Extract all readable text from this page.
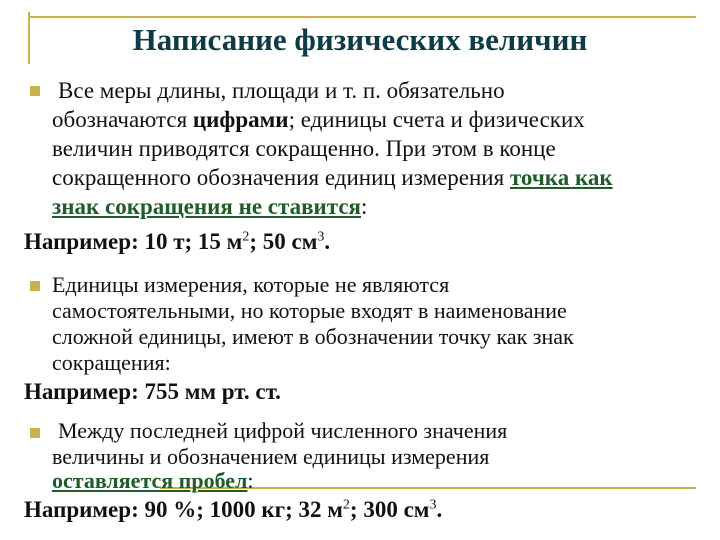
Написание физических величин
Все меры длины, площади и т. п. обязательно
обозначаются цифрами; единицы счета и физических
величин приводятся сокращенно. При этом в конце
сокращенного обозначения единиц измерения точка как
знак сокращения не ставится:
Например: 10 т; 15 $м^2$; 50 $см^3$.
Единицы измерения, которые не являются
самостоятельными, но которые входят в наименование
сложной единицы, имеют в обозначении точку как знак
сокращения:
Например: 755 мм рт. ст.
Между последней цифрой численного значения
величины и обозначением единицы измерения
оставляется пробел:
Например: 90 %; 1000 кг; 32 $м^2$; 300 $см^3$.
